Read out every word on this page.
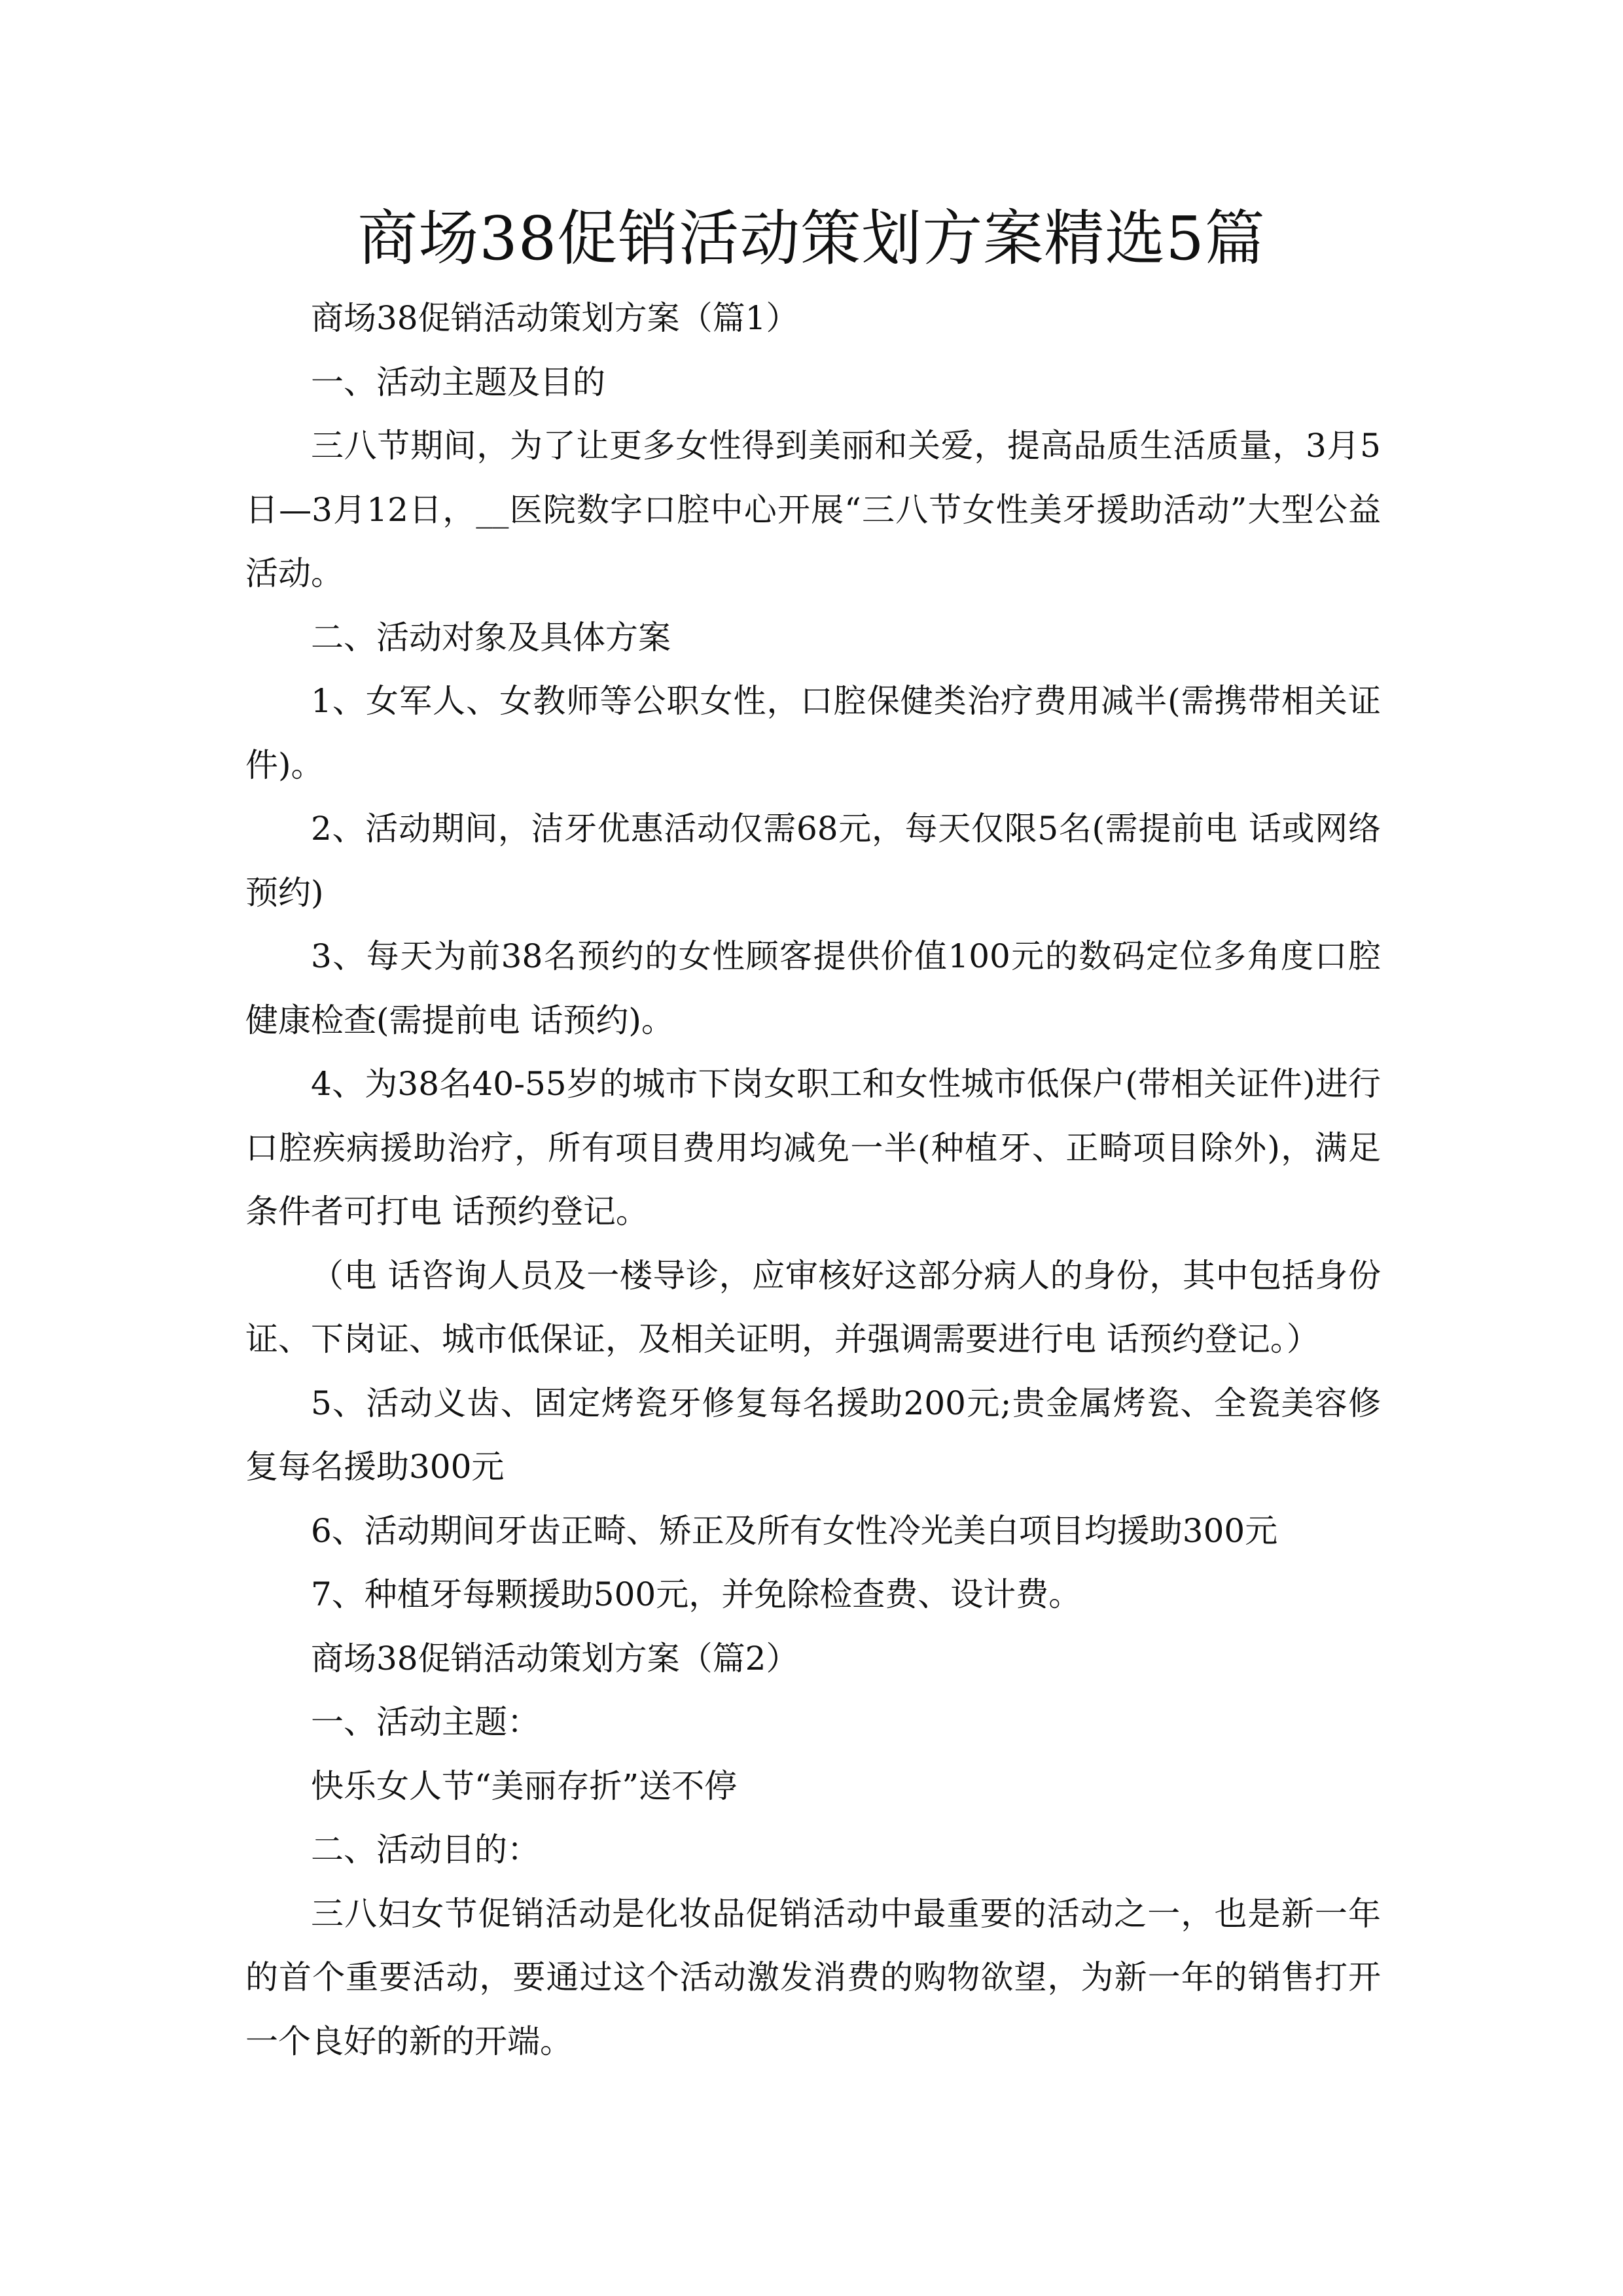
商场38促销活动策划方案精选5篇

商场38促销活动策划方案（篇1）

一、活动主题及目的

三八节期间，为了让更多女性得到美丽和关爱，提高品质生活质量，3月5日—3月12日，__医院数字口腔中心开展“三八节女性美牙援助活动”大型公益活动。

二、活动对象及具体方案

1、女军人、女教师等公职女性，口腔保健类治疗费用减半(需携带相关证件)。

2、活动期间，洁牙优惠活动仅需68元，每天仅限5名(需提前电 话或网络预约)

3、每天为前38名预约的女性顾客提供价值100元的数码定位多角度口腔健康检查(需提前电 话预约)。

4、为38名40-55岁的城市下岗女职工和女性城市低保户(带相关证件)进行口腔疾病援助治疗，所有项目费用均减免一半(种植牙、正畸项目除外)，满足条件者可打电 话预约登记。

（电 话咨询人员及一楼导诊，应审核好这部分病人的身份，其中包括身份证、下岗证、城市低保证，及相关证明，并强调需要进行电 话预约登记。）

5、活动义齿、固定烤瓷牙修复每名援助200元;贵金属烤瓷、全瓷美容修复每名援助300元

6、活动期间牙齿正畸、矫正及所有女性冷光美白项目均援助300元

7、种植牙每颗援助500元，并免除检查费、设计费。

商场38促销活动策划方案（篇2）

一、活动主题：

快乐女人节“美丽存折”送不停

二、活动目的：

三八妇女节促销活动是化妆品促销活动中最重要的活动之一，也是新一年的首个重要活动，要通过这个活动激发消费的购物欲望，为新一年的销售打开一个良好的新的开端。
